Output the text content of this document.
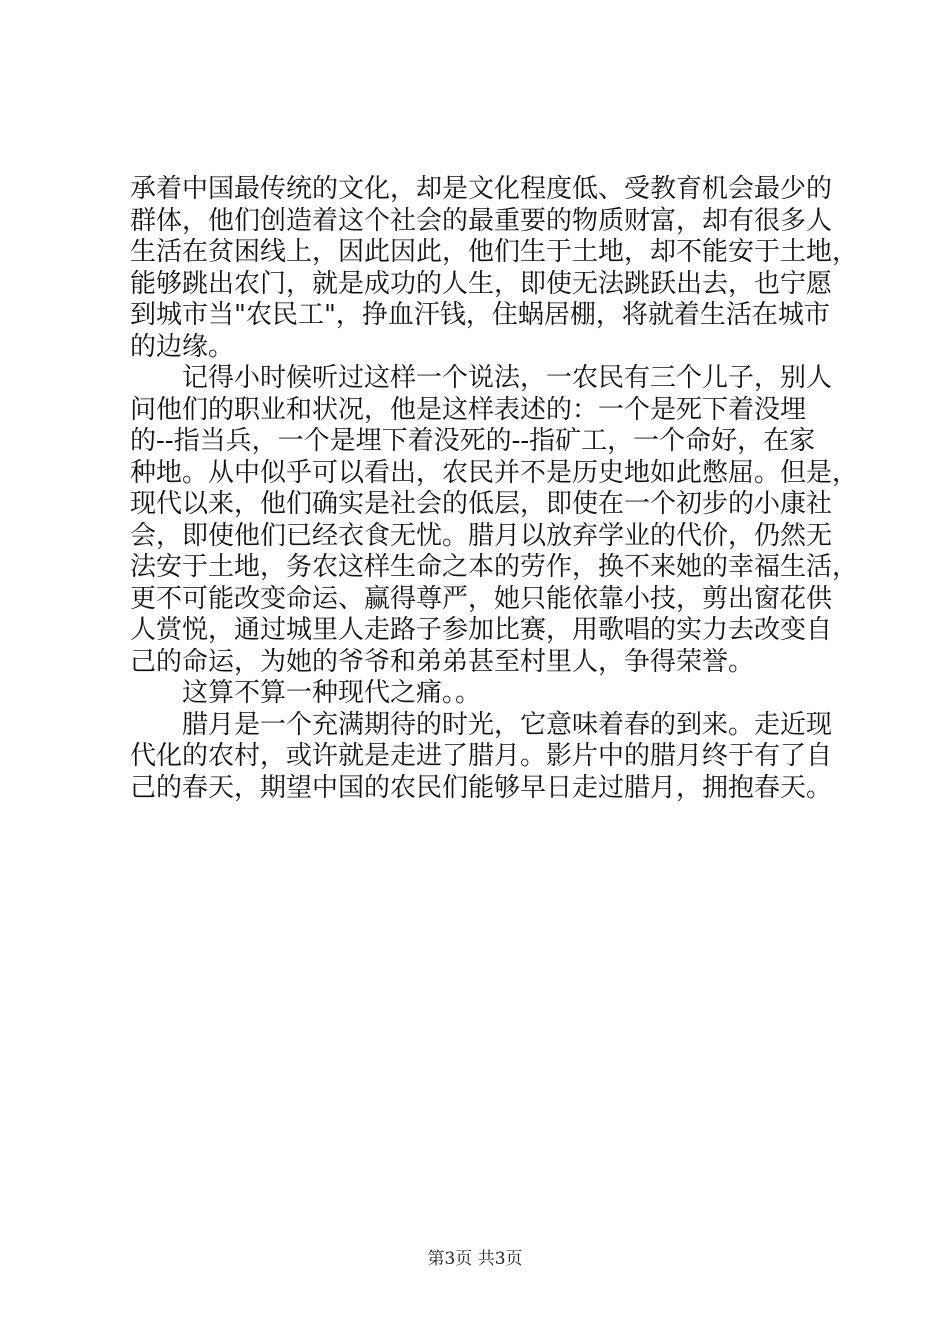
承着中国最传统的文化，却是文化程度低、受教育机会最少的
群体，他们创造着这个社会的最重要的物质财富，却有很多人
生活在贫困线上，因此因此，他们生于土地，却不能安于土地，
能够跳出农门，就是成功的人生，即使无法跳跃出去，也宁愿
到城市当"农民工"，挣血汗钱，住蜗居棚，将就着生活在城市
的边缘。
记得小时候听过这样一个说法，一农民有三个儿子，别人
问他们的职业和状况，他是这样表述的：一个是死下着没埋
的--指当兵，一个是埋下着没死的--指矿工，一个命好，在家
种地。从中似乎可以看出，农民并不是历史地如此憋屈。但是，
现代以来，他们确实是社会的低层，即使在一个初步的小康社
会，即使他们已经衣食无忧。腊月以放弃学业的代价，仍然无
法安于土地，务农这样生命之本的劳作，换不来她的幸福生活，
更不可能改变命运、赢得尊严，她只能依靠小技，剪出窗花供
人赏悦，通过城里人走路子参加比赛，用歌唱的实力去改变自
己的命运，为她的爷爷和弟弟甚至村里人，争得荣誉。
这算不算一种现代之痛。。
腊月是一个充满期待的时光，它意味着春的到来。走近现
代化的农村，或许就是走进了腊月。影片中的腊月终于有了自
己的春天，期望中国的农民们能够早日走过腊月，拥抱春天。
第3页 共3页
